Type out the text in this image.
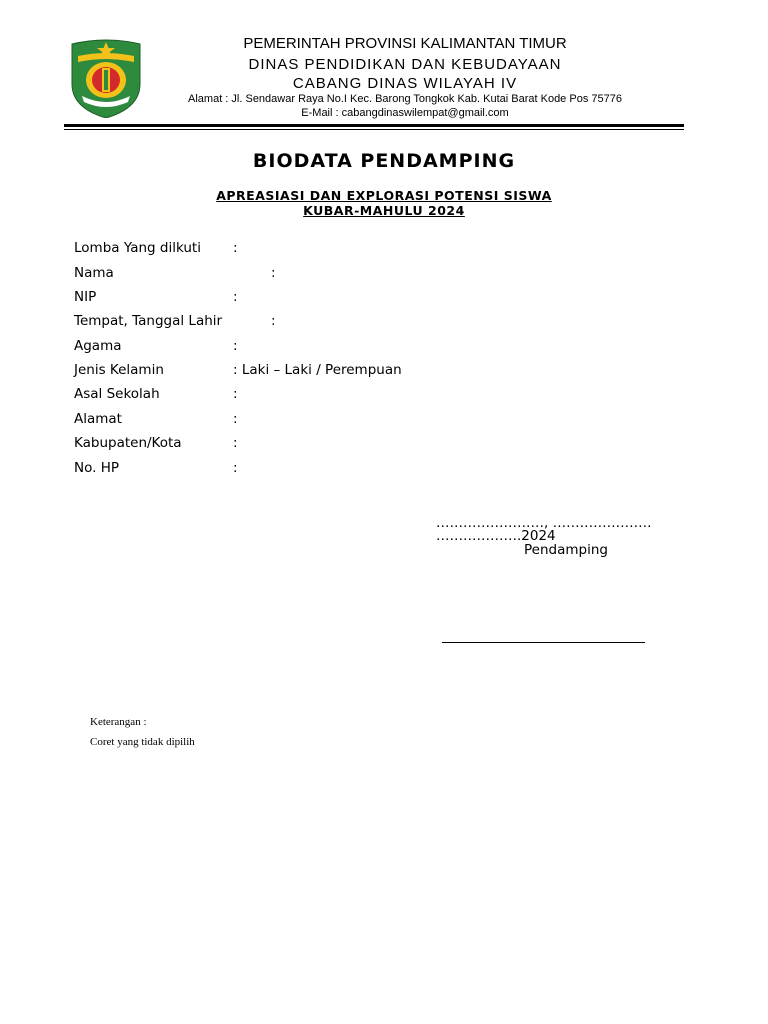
PEMERINTAH PROVINSI KALIMANTAN TIMUR
DINAS PENDIDIKAN DAN KEBUDAYAAN
CABANG DINAS WILAYAH IV
Alamat : Jl. Sendawar Raya No.I Kec. Barong Tongkok Kab. Kutai Barat Kode Pos 75776
E-Mail : cabangdinaswilempat@gmail.com
BIODATA PENDAMPING
APREASIASI DAN EXPLORASI POTENSI SISWA
KUBAR-MAHULU 2024
Lomba Yang dilkuti :
Nama	:
NIP	:
Tempat, Tanggal Lahir	:
Agama	:
Jenis Kelamin	: Laki – Laki / Perempuan
Asal Sekolah	:
Alamat	:
Kabupaten/Kota	:
No. HP	:
……………………, ………………….
……………….2024
Pendamping
Keterangan :
Coret yang tidak dipilih
